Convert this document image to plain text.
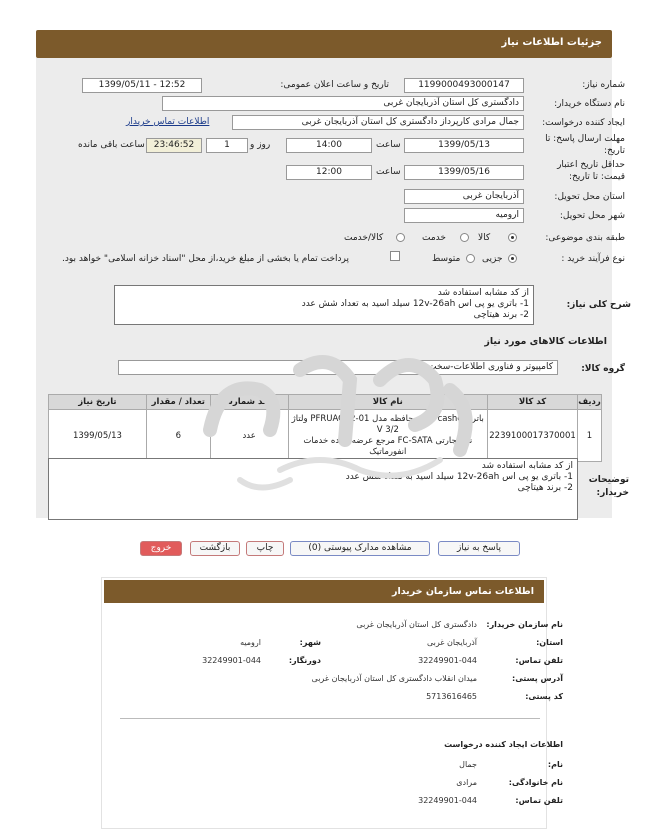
جزئیات اطلاعات نیاز
شماره نیاز:
1199000493000147
تاریخ و ساعت اعلان عمومی:
1399/05/11 - 12:52
نام دستگاه خریدار:
دادگستری کل استان آذربایجان غربی
ایجاد کننده درخواست:
جمال مرادی کارپرداز دادگستری کل استان آذربایجان غربی
اطلاعات تماس خریدار
مهلت ارسال پاسخ: تا
تاریخ:
1399/05/13
ساعت
14:00
روز و
1
23:46:52
ساعت باقی مانده
حداقل تاریخ اعتبار
قیمت: تا تاریخ:
1399/05/16
ساعت
12:00
استان محل تحویل:
آذربایجان غربی
شهر محل تحویل:
ارومیه
طبقه بندی موضوعی:
کالا
خدمت
کالا/خدمت
نوع فرآیند خرید :
جزیی
متوسط
پرداخت تمام یا بخشی از مبلغ خرید،از محل "اسناد خزانه اسلامی" خواهد بود.
شرح کلی نیاز:
از کد مشابه استفاده شد
1- باتری یو پی اس 12v-26ah سیلد اسید به تعداد شش عدد
2- برند هیتاچی
اطلاعات کالاهای مورد نیاز
گروه کالا:
کامپیوتر و فناوری اطلاعات-سخت افزار
ردیف	کد کالا	نام کالا	واحد شمارش	تعداد / مقدار	تاریخ نیاز
1	2239100017370001	باتری cashe کارت حافظه مدل PFRUAG02-01 ولتاژ V 3/2
نام تجارتی FC-SATA مرجع عرضه کننده خدمات
انفورماتیک	عدد	6	1399/05/13
توضیحات
خریدار:
از کد مشابه استفاده شد
1- باتری یو پی اس 12v-26ah سیلد اسید به تعداد شش عدد
2- برند هیتاچی
پاسخ به نیاز
مشاهده مدارک پیوستی (0)
چاپ
بازگشت
خروج
اطلاعات تماس سازمان خریدار
نام سازمان خریدار:
دادگستری کل استان آذربایجان غربی
استان:
آذربایجان غربی
شهر:
ارومیه
تلفن تماس:
32249901-044
دورنگار:
32249901-044
آدرس پستی:
میدان انقلاب دادگستری کل استان آذربایجان غربی
کد پستی:
5713616465
اطلاعات ایجاد کننده درخواست
نام:
جمال
نام خانوادگی:
مرادی
تلفن تماس:
32249901-044
